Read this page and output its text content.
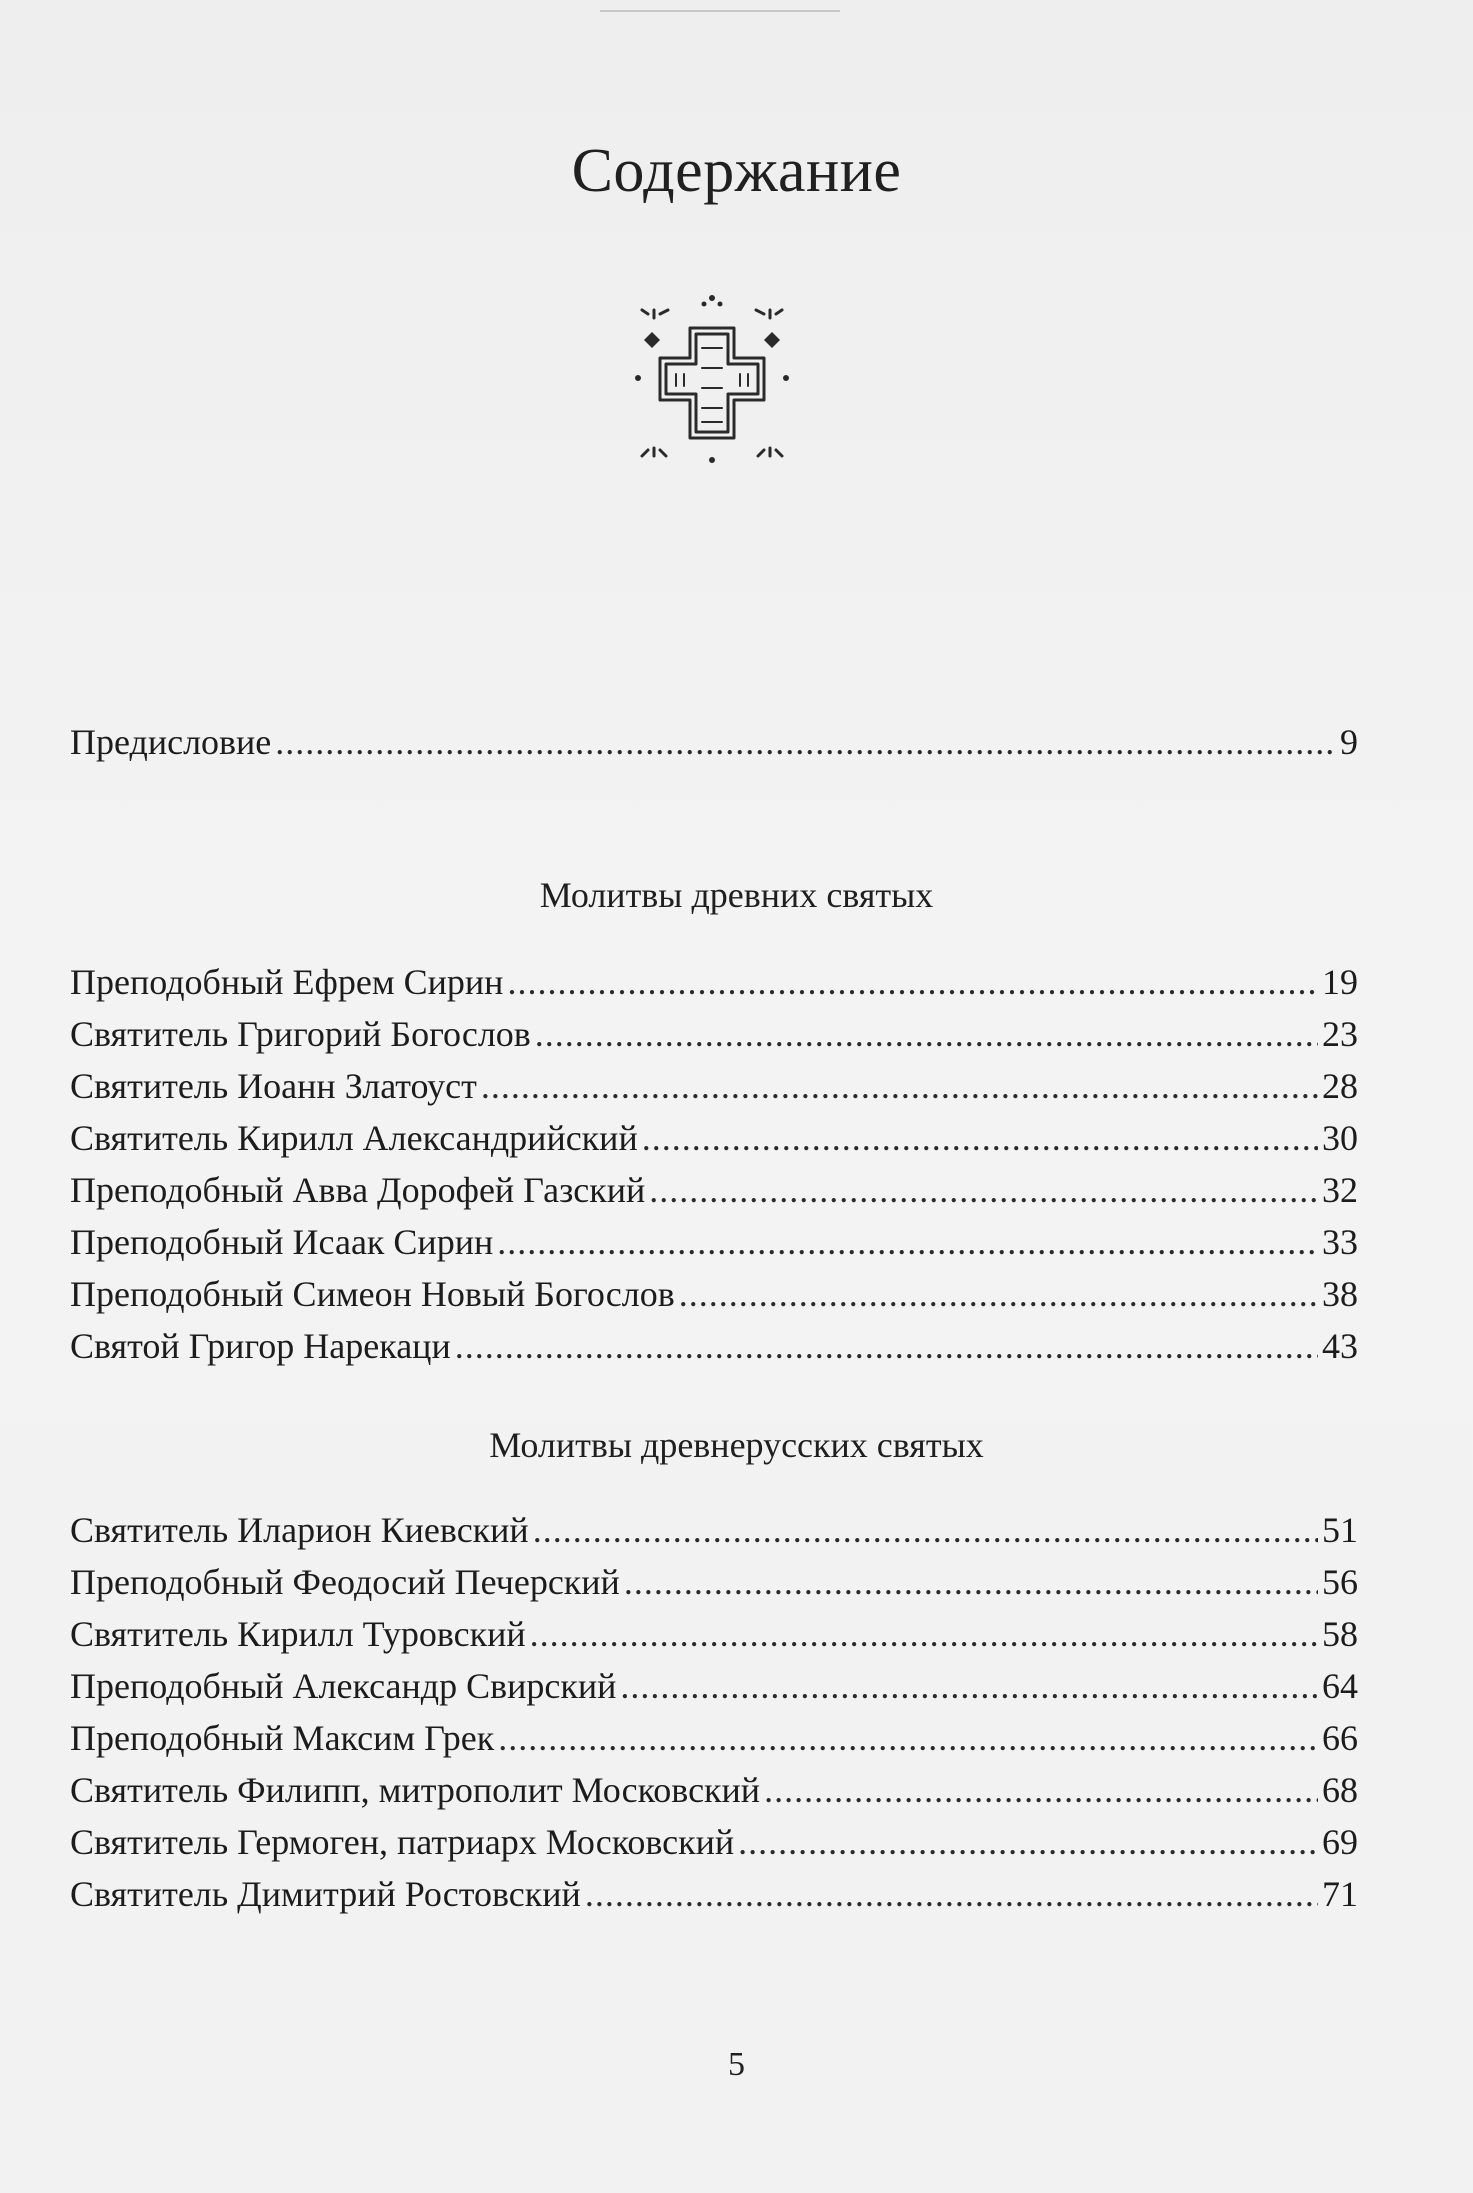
Содержание
Предисловие .....	9
Молитвы древних святых
Преподобный Ефрем Сирин .....	19
Святитель Григорий Богослов .....	23
Святитель Иоанн Златоуст .....	28
Святитель Кирилл Александрийский .....	30
Преподобный Авва Дорофей Газский .....	32
Преподобный Исаак Сирин .....	33
Преподобный Симеон Новый Богослов .....	38
Святой Григор Нарекаци .....	43
Молитвы древнерусских святых
Святитель Иларион Киевский .....	51
Преподобный Феодосий Печерский .....	56
Святитель Кирилл Туровский .....	58
Преподобный Александр Свирский .....	64
Преподобный Максим Грек .....	66
Святитель Филипп, митрополит Московский .....	68
Святитель Гермоген, патриарх Московский .....	69
Святитель Димитрий Ростовский .....	71
5
